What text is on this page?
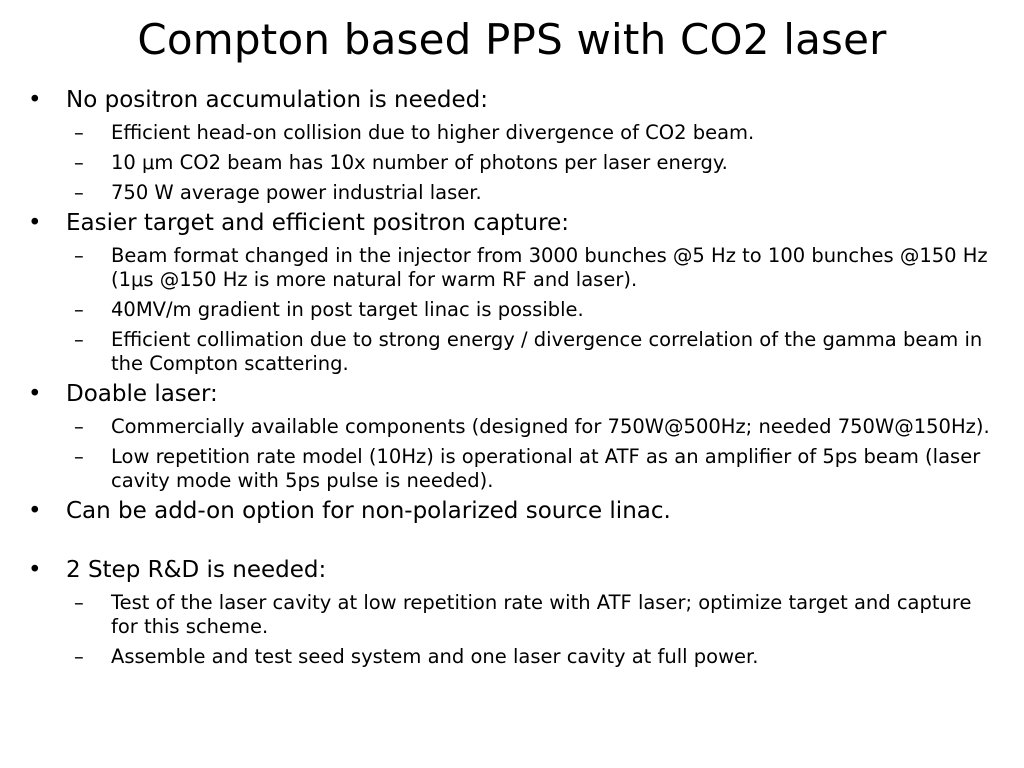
Compton based PPS with CO2 laser
• No positron accumulation is needed:
–	Efficient head-on collision due to higher divergence of CO2 beam.
–	10 μm CO2 beam has 10x number of photons per laser energy.
–	750 W average power industrial laser.
• Easier target and efficient positron capture:
–	Beam format changed in the injector from 3000 bunches @5 Hz to 100 bunches @150 Hz (1μs @150 Hz is more natural for warm RF and laser).
–	40MV/m gradient in post target linac is possible.
–	Efficient collimation due to strong energy / divergence correlation of the gamma beam in the Compton scattering.
• Doable laser:
–	Commercially available components (designed for 750W@500Hz; needed 750W@150Hz).
–	Low repetition rate model (10Hz) is operational at ATF as an amplifier of 5ps beam (laser cavity mode with 5ps pulse is needed).
• Can be add-on option for non-polarized source linac.
• 2 Step R&D is needed:
–	Test of the laser cavity at low repetition rate with ATF laser; optimize target and capture for this scheme.
–	Assemble and test seed system and one laser cavity at full power.
